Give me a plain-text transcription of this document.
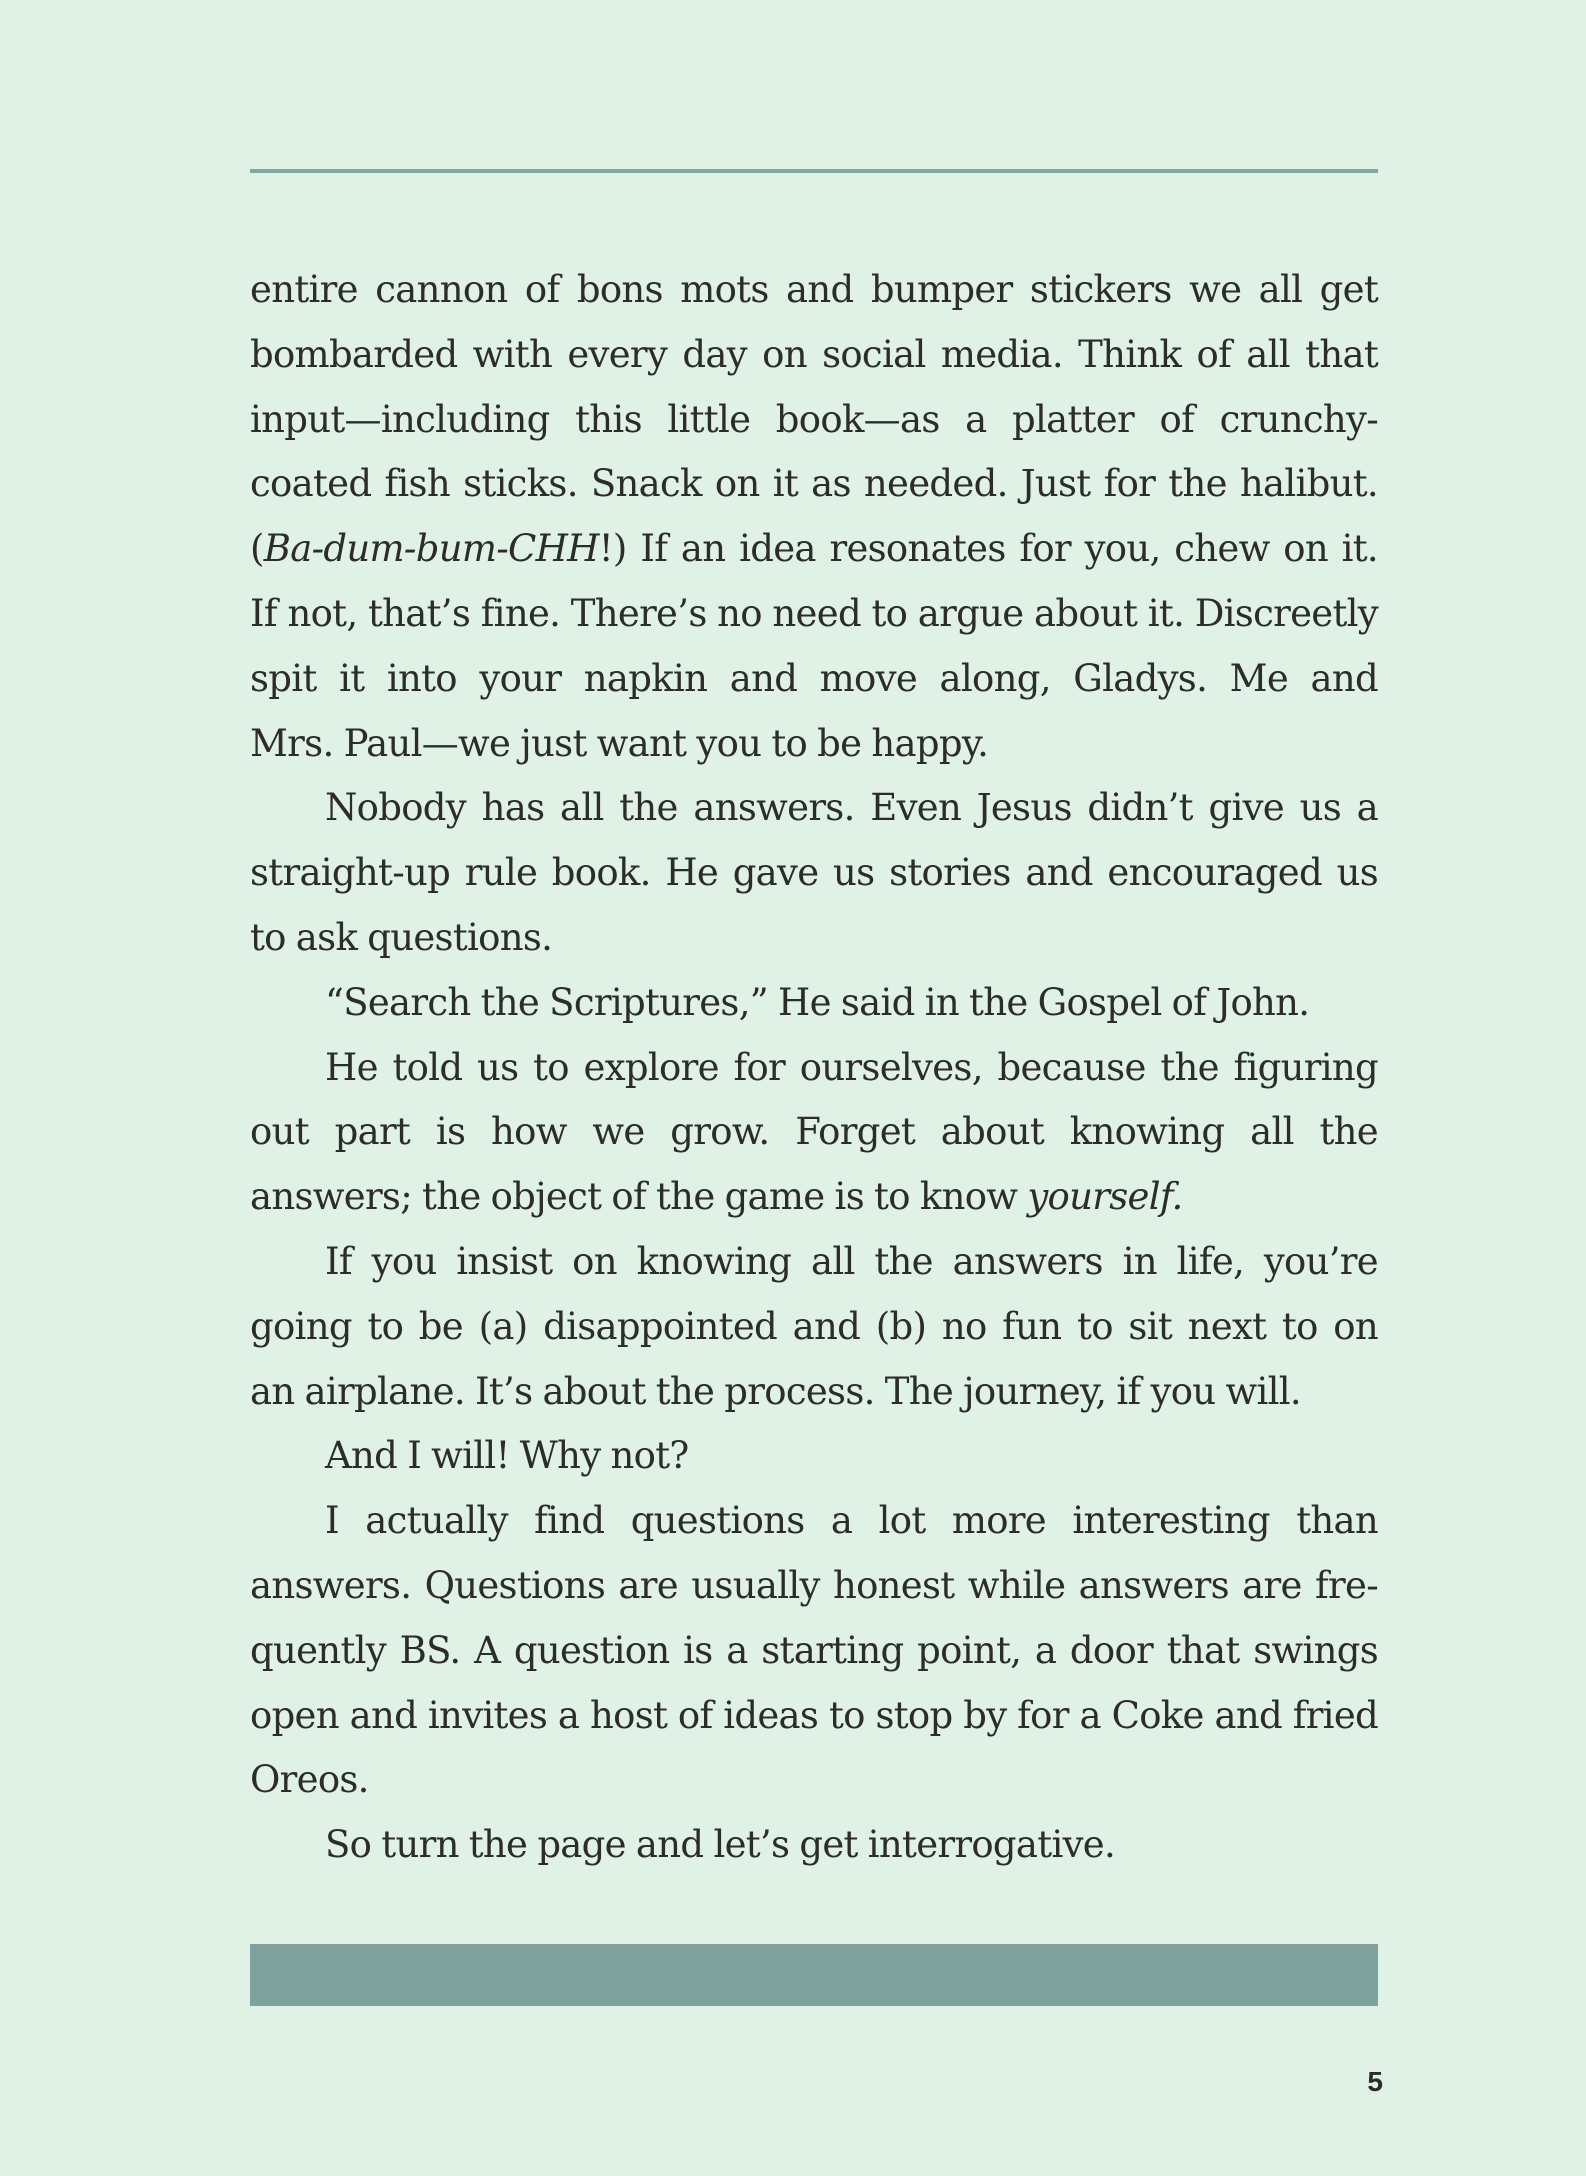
entire cannon of bons mots and bumper stickers we all get
bombarded with every day on social media. Think of all that
input—including this little book—as a platter of crunchy-
coated fish sticks. Snack on it as needed. Just for the halibut.
(Ba-dum-bum-CHH!) If an idea resonates for you, chew on it.
If not, that’s fine. There’s no need to argue about it. Discreetly
spit it into your napkin and move along, Gladys. Me and
Mrs. Paul—we just want you to be happy.
Nobody has all the answers. Even Jesus didn’t give us a
straight-up rule book. He gave us stories and encouraged us
to ask questions.
“Search the Scriptures,” He said in the Gospel of John.
He told us to explore for ourselves, because the figuring
out part is how we grow. Forget about knowing all the
answers; the object of the game is to know yourself.
If you insist on knowing all the answers in life, you’re
going to be (a) disappointed and (b) no fun to sit next to on
an airplane. It’s about the process. The journey, if you will.
And I will! Why not?
I actually find questions a lot more interesting than
answers. Questions are usually honest while answers are fre-
quently BS. A question is a starting point, a door that swings
open and invites a host of ideas to stop by for a Coke and fried
Oreos.
So turn the page and let’s get interrogative.
5
